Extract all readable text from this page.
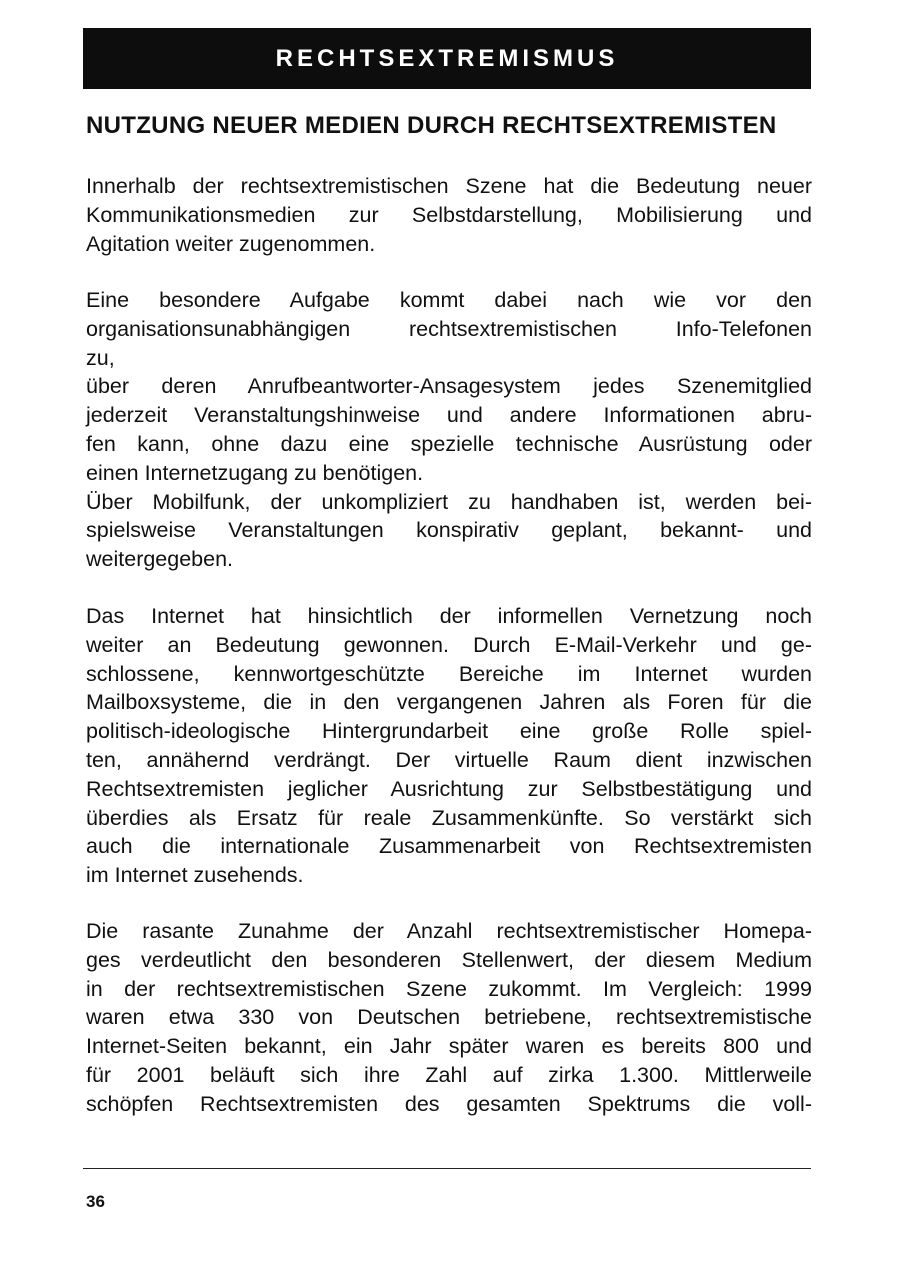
RECHTSEXTREMISMUS
NUTZUNG NEUER MEDIEN DURCH RECHTSEXTREMISTEN
Innerhalb der rechtsextremistischen Szene hat die Bedeutung neuer
Kommunikationsmedien zur Selbstdarstellung, Mobilisierung und
Agitation weiter zugenommen.
Eine besondere Aufgabe kommt dabei nach wie vor den
organisationsunabhängigen rechtsextremistischen Info-Telefonen
zu,
über deren Anrufbeantworter-Ansagesystem jedes Szenemitglied
jederzeit Veranstaltungshinweise und andere Informationen abru-
fen kann, ohne dazu eine spezielle technische Ausrüstung oder
einen Internetzugang zu benötigen.
Über Mobilfunk, der unkompliziert zu handhaben ist, werden bei-
spielsweise Veranstaltungen konspirativ geplant, bekannt- und
weitergegeben.
Das Internet hat hinsichtlich der informellen Vernetzung noch
weiter an Bedeutung gewonnen. Durch E-Mail-Verkehr und ge-
schlossene, kennwortgeschützte Bereiche im Internet wurden
Mailboxsysteme, die in den vergangenen Jahren als Foren für die
politisch-ideologische Hintergrundarbeit eine große Rolle spiel-
ten, annähernd verdrängt. Der virtuelle Raum dient inzwischen
Rechtsextremisten jeglicher Ausrichtung zur Selbstbestätigung und
überdies als Ersatz für reale Zusammenkünfte. So verstärkt sich
auch die internationale Zusammenarbeit von Rechtsextremisten
im Internet zusehends.
Die rasante Zunahme der Anzahl rechtsextremistischer Homepa-
ges verdeutlicht den besonderen Stellenwert, der diesem Medium
in der rechtsextremistischen Szene zukommt. Im Vergleich: 1999
waren etwa 330 von Deutschen betriebene, rechtsextremistische
Internet-Seiten bekannt, ein Jahr später waren es bereits 800 und
für 2001 beläuft sich ihre Zahl auf zirka 1.300. Mittlerweile
schöpfen Rechtsextremisten des gesamten Spektrums die voll-
36
